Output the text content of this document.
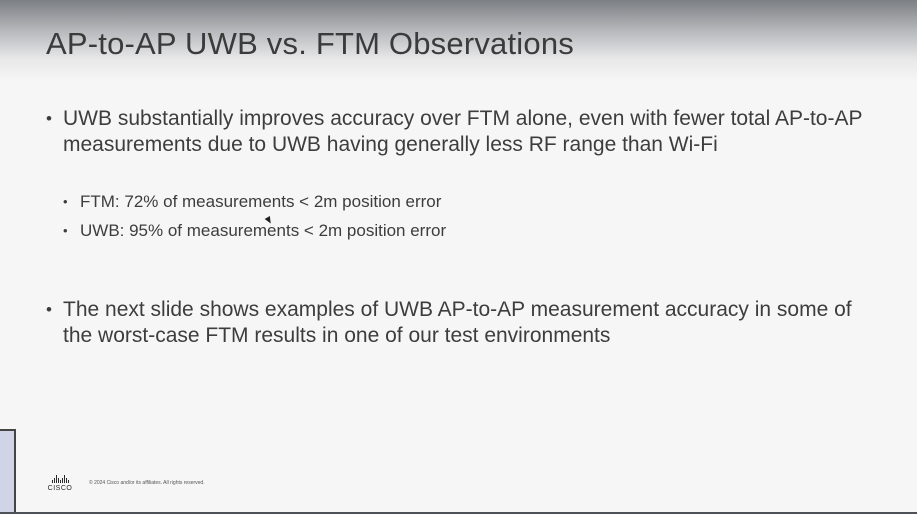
AP-to-AP UWB vs. FTM Observations
• UWB substantially improves accuracy over FTM alone, even with fewer total AP-to-AP measurements due to UWB having generally less RF range than Wi-Fi
• FTM: 72% of measurements < 2m position error
• UWB: 95% of measurements < 2m position error
• The next slide shows examples of UWB AP-to-AP measurement accuracy in some of the worst-case FTM results in one of our test environments
CISCO
© 2024 Cisco and/or its affiliates. All rights reserved.
